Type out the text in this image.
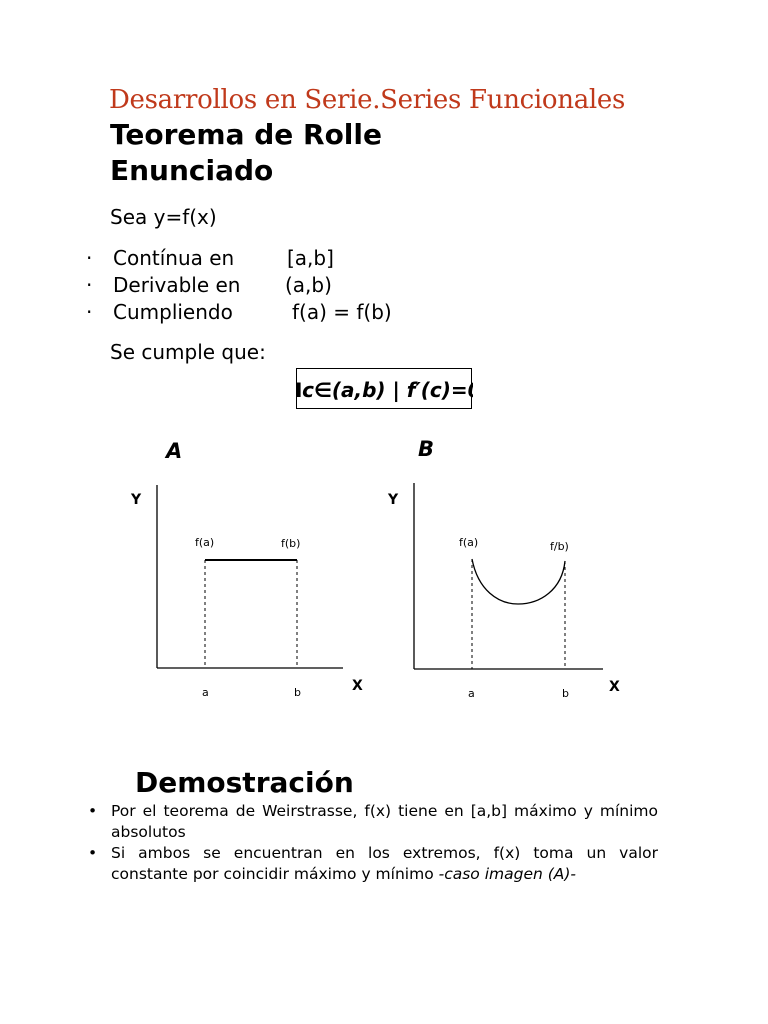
Desarrollos en Serie.Series Funcionales
Teorema de Rolle
Enunciado
Sea y=f(x)
· Contínua en	[a,b]
· Derivable en (a,b)
· Cumpliendo	f(a) = f(b)
Se cumple que:
∃c∈(a,b) | f′(c)=0
A
Y
X
f(a)	f(b)
a	b
B
Y
X
f(a)	f/b)
a	b
Demostración
• Por el teorema de Weirstrasse, f(x) tiene en [a,b] máximo y mínimo absolutos
• Si ambos se encuentran en los extremos, f(x) toma un valor constante por coincidir máximo y mínimo -caso imagen (A)-
